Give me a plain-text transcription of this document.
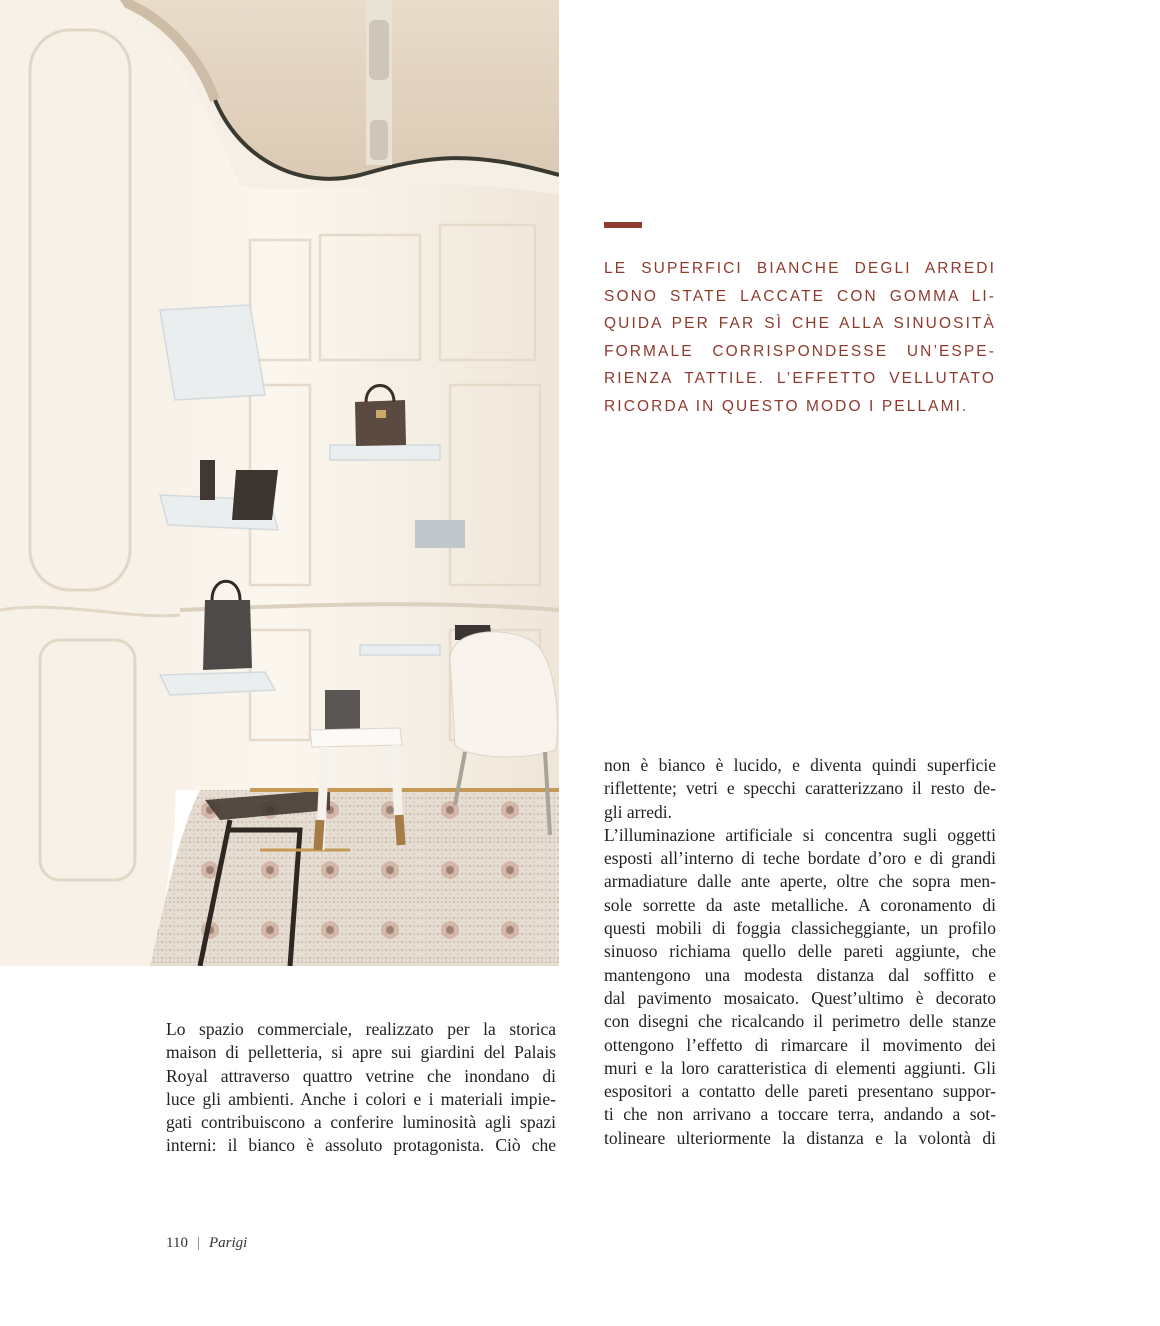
LE SUPERFICI BIANCHE DEGLI ARREDI
SONO STATE LACCATE CON GOMMA LI-
QUIDA PER FAR SÌ CHE ALLA SINUOSITÀ
FORMALE CORRISPONDESSE UN’ESPE-
RIENZA TATTILE. L’EFFETTO VELLUTATO
RICORDA IN QUESTO MODO I PELLAMI.
Lo spazio commerciale, realizzato per la storica
maison di pelletteria, si apre sui giardini del Palais
Royal attraverso quattro vetrine che inondano di
luce gli ambienti. Anche i colori e i materiali impie-
gati contribuiscono a conferire luminosità agli spazi
interni: il bianco è assoluto protagonista. Ciò che
non è bianco è lucido, e diventa quindi superficie
riflettente; vetri e specchi caratterizzano il resto de-
gli arredi.
L’illuminazione artificiale si concentra sugli oggetti
esposti all’interno di teche bordate d’oro e di grandi
armadiature dalle ante aperte, oltre che sopra men-
sole sorrette da aste metalliche. A coronamento di
questi mobili di foggia classicheggiante, un profilo
sinuoso richiama quello delle pareti aggiunte, che
mantengono una modesta distanza dal soffitto e
dal pavimento mosaicato. Quest’ultimo è decorato
con disegni che ricalcando il perimetro delle stanze
ottengono l’effetto di rimarcare il movimento dei
muri e la loro caratteristica di elementi aggiunti. Gli
espositori a contatto delle pareti presentano suppor-
ti che non arrivano a toccare terra, andando a sot-
tolineare ulteriormente la distanza e la volontà di
110 | Parigi
